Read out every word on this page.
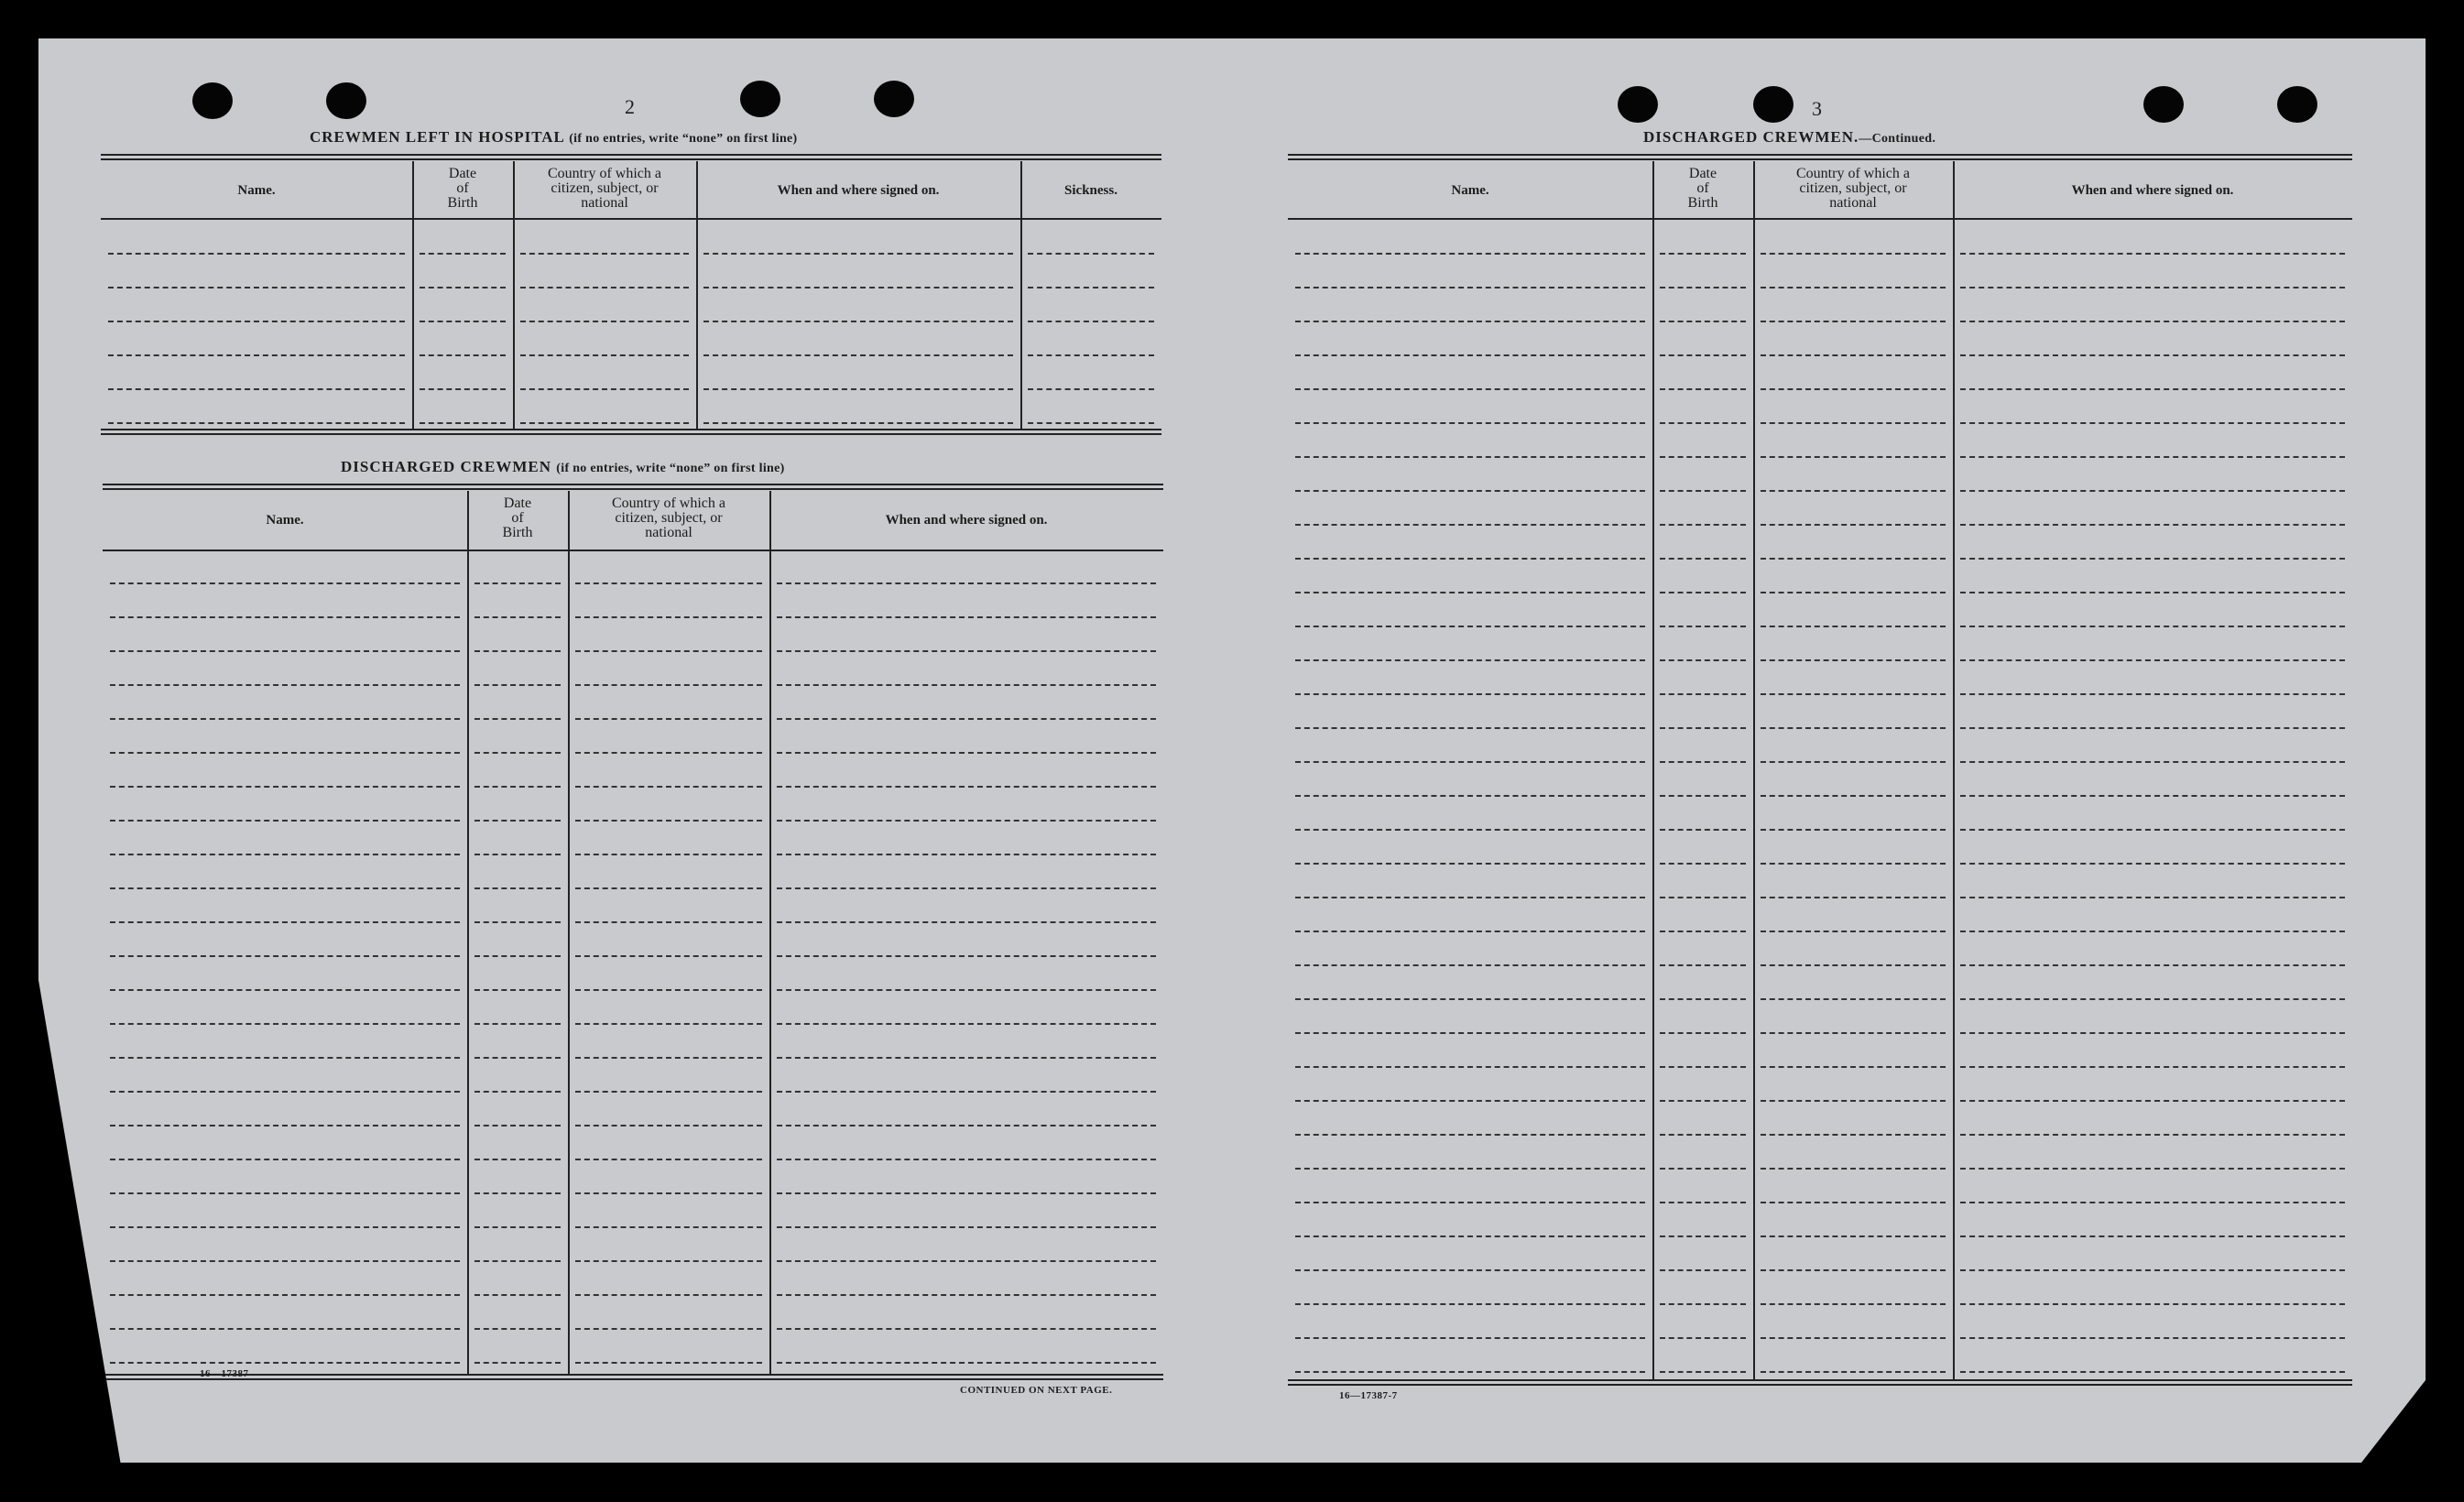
2
CREWMEN LEFT IN HOSPITAL (if no entries, write “none” on first line)
Name.
Date
of
Birth
Country of which a
citizen, subject, or
national
When and where signed on.	Sickness.
DISCHARGED CREWMEN (if no entries, write “none” on first line)
Name.
Date
of
Birth
Country of which a
citizen, subject, or
national
When and where signed on.
16—17387
CONTINUED ON NEXT PAGE.
3
DISCHARGED CREWMEN.—Continued.
Name.
Date
of
Birth
Country of which a
citizen, subject, or
national
When and where signed on.
16—17387-7
